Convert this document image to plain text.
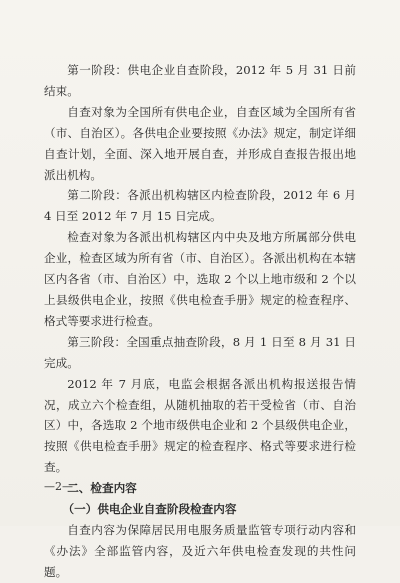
第一阶段：供电企业自查阶段，2012 年 5 月 31 日前结束。

自查对象为全国所有供电企业，自查区域为全国所有省（市、自治区）。各供电企业要按照《办法》规定，制定详细自查计划，全面、深入地开展自查，并形成自查报告报出地派出机构。

第二阶段：各派出机构辖区内检查阶段，2012 年 6 月 4 日至 2012 年 7 月 15 日完成。

检查对象为各派出机构辖区内中央及地方所属部分供电企业，检查区域为所有省（市、自治区）。各派出机构在本辖区内各省（市、自治区）中，选取 2 个以上地市级和 2 个以上县级供电企业，按照《供电检查手册》规定的检查程序、格式等要求进行检查。

第三阶段：全国重点抽查阶段，8 月 1 日至 8 月 31 日完成。

2012 年 7 月底，电监会根据各派出机构报送报告情况，成立六个检查组，从随机抽取的若干受检省（市、自治区）中，各选取 2 个地市级供电企业和 2 个县级供电企业，按照《供电检查手册》规定的检查程序、格式等要求进行检查。

二、检查内容

（一）供电企业自查阶段检查内容

自查内容为保障居民用电服务质量监管专项行动内容和《办法》全部监管内容，及近六年供电检查发现的共性问题。

—2—
